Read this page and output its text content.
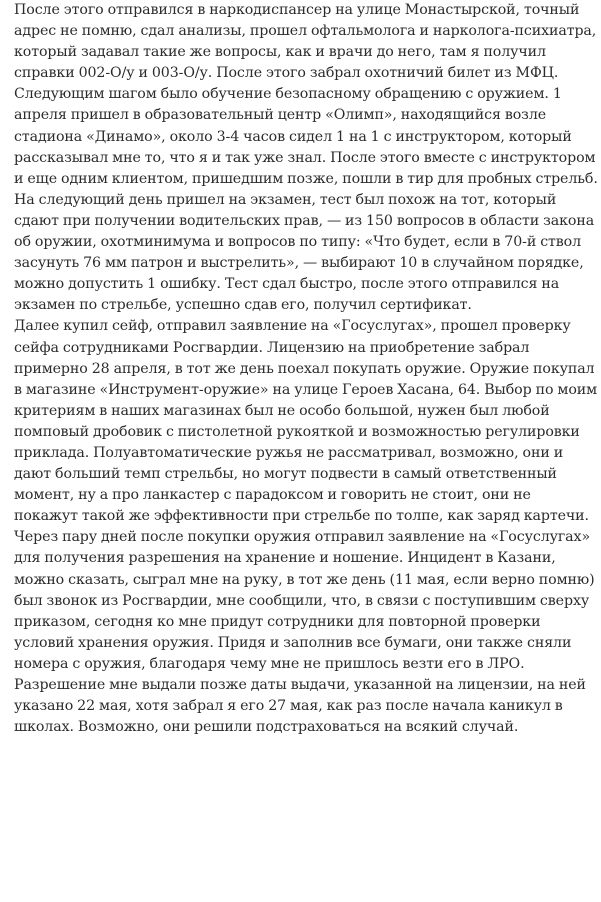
После этого отправился в наркодиспансер на улице Монастырской, точный адрес не помню, сдал анализы, прошел офтальмолога и нарколога-психиатра, который задавал такие же вопросы, как и врачи до него, там я получил справки 002-О/у и 003-О/у. После этого забрал охотничий билет из МФЦ.

Следующим шагом было обучение безопасному обращению с оружием. 1 апреля пришел в образовательный центр «Олимп», находящийся возле стадиона «Динамо», около 3-4 часов сидел 1 на 1 с инструктором, который рассказывал мне то, что я и так уже знал. После этого вместе с инструктором и еще одним клиентом, пришедшим позже, пошли в тир для пробных стрельб. На следующий день пришел на экзамен, тест был похож на тот, который сдают при получении водительских прав, — из 150 вопросов в области закона об оружии, охотминимума и вопросов по типу: «Что будет, если в 70-й ствол засунуть 76 мм патрон и выстрелить», — выбирают 10 в случайном порядке, можно допустить 1 ошибку. Тест сдал быстро, после этого отправился на экзамен по стрельбе, успешно сдав его, получил сертификат.

Далее купил сейф, отправил заявление на «Госуслугах», прошел проверку сейфа сотрудниками Росгвардии. Лицензию на приобретение забрал примерно 28 апреля, в тот же день поехал покупать оружие. Оружие покупал в магазине «Инструмент-оружие» на улице Героев Хасана, 64. Выбор по моим критериям в наших магазинах был не особо большой, нужен был любой помповый дробовик с пистолетной рукояткой и возможностью регулировки приклада. Полуавтоматические ружья не рассматривал, возможно, они и дают больший темп стрельбы, но могут подвести в самый ответственный момент, ну а про ланкастер с парадоксом и говорить не стоит, они не покажут такой же эффективности при стрельбе по толпе, как заряд картечи.

Через пару дней после покупки оружия отправил заявление на «Госуслугах» для получения разрешения на хранение и ношение. Инцидент в Казани, можно сказать, сыграл мне на руку, в тот же день (11 мая, если верно помню) был звонок из Росгвардии, мне сообщили, что, в связи с поступившим сверху приказом, сегодня ко мне придут сотрудники для повторной проверки условий хранения оружия. Придя и заполнив все бумаги, они также сняли номера с оружия, благодаря чему мне не пришлось везти его в ЛРО. Разрешение мне выдали позже даты выдачи, указанной на лицензии, на ней указано 22 мая, хотя забрал я его 27 мая, как раз после начала каникул в школах. Возможно, они решили подстраховаться на всякий случай.
